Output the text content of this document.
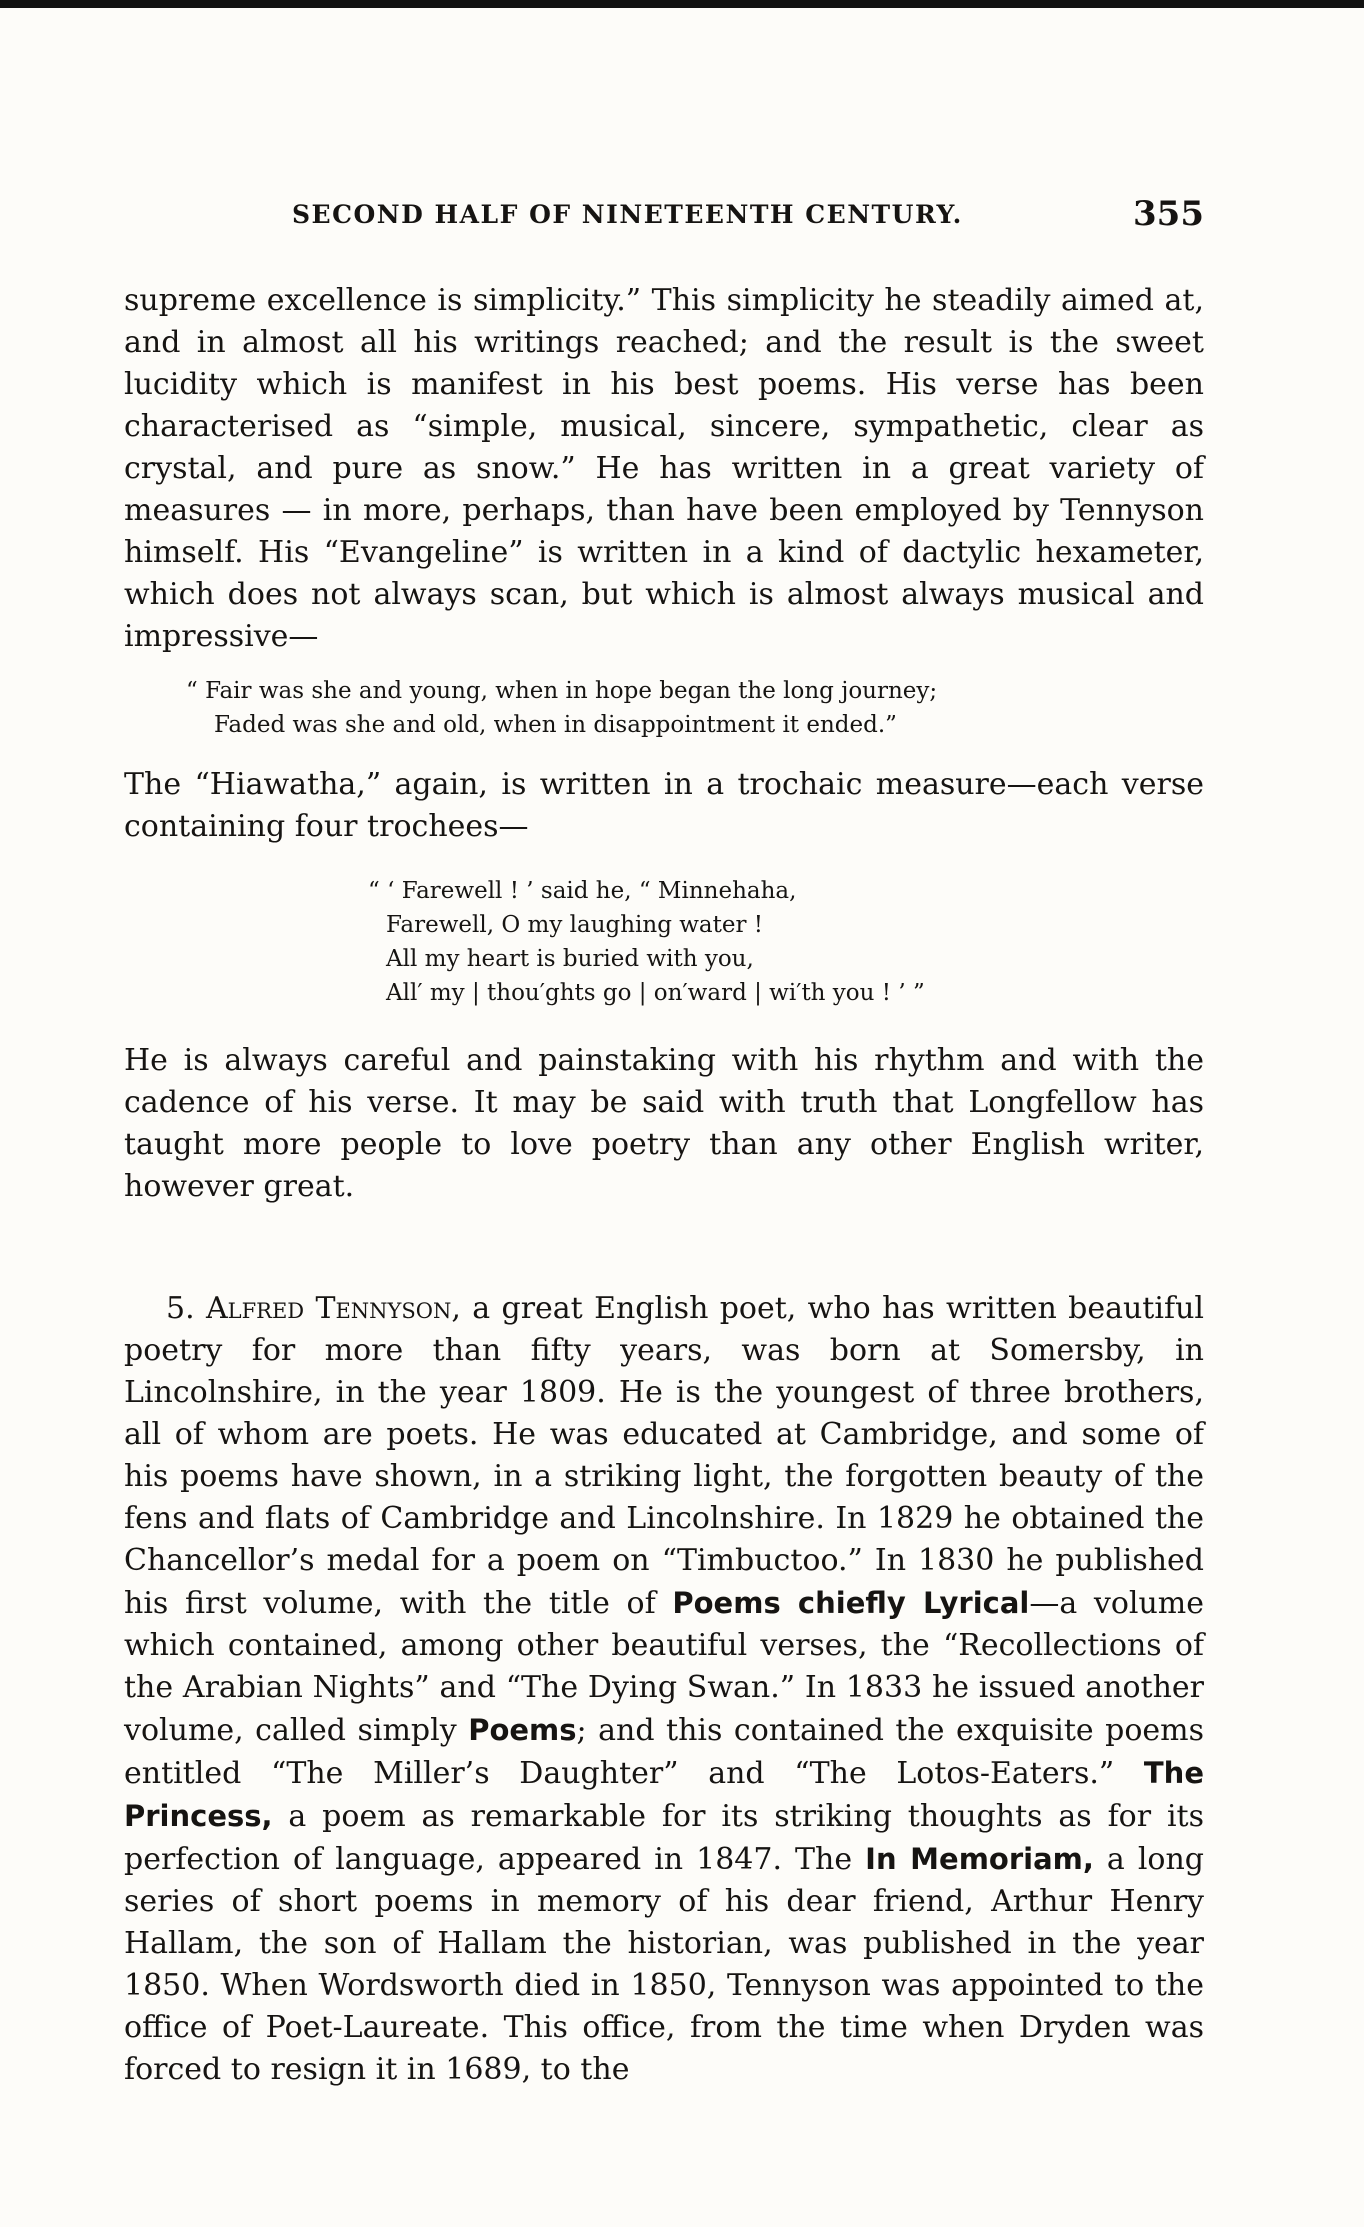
SECOND HALF OF NINETEENTH CENTURY.	355

supreme excellence is simplicity.” This simplicity he steadily aimed at, and in almost all his writings reached; and the result is the sweet lucidity which is manifest in his best poems. His verse has been characterised as “simple, musical, sincere, sympathetic, clear as crystal, and pure as snow.” He has written in a great variety of measures — in more, perhaps, than have been employed by Tennyson himself. His “Evangeline” is written in a kind of dactylic hexameter, which does not always scan, but which is almost always musical and impressive—

“ Fair was she and young, when in hope began the long journey;
Faded was she and old, when in disappointment it ended.”

The “Hiawatha,” again, is written in a trochaic measure—each verse containing four trochees—

“ ‘ Farewell ! ’ said he, “ Minnehaha,
Farewell, O my laughing water !
All my heart is buried with you,
All′ my | thou′ghts go | on′ward | wi′th you ! ’ ”

He is always careful and painstaking with his rhythm and with the cadence of his verse. It may be said with truth that Longfellow has taught more people to love poetry than any other English writer, however great.

5. Alfred Tennyson, a great English poet, who has written beautiful poetry for more than fifty years, was born at Somersby, in Lincolnshire, in the year 1809. He is the youngest of three brothers, all of whom are poets. He was educated at Cambridge, and some of his poems have shown, in a striking light, the forgotten beauty of the fens and flats of Cambridge and Lincolnshire. In 1829 he obtained the Chancellor’s medal for a poem on “Timbuctoo.” In 1830 he published his first volume, with the title of Poems chiefly Lyrical—a volume which contained, among other beautiful verses, the “Recollections of the Arabian Nights” and “The Dying Swan.” In 1833 he issued another volume, called simply Poems; and this contained the exquisite poems entitled “The Miller’s Daughter” and “The Lotos-Eaters.” The Princess, a poem as remarkable for its striking thoughts as for its perfection of language, appeared in 1847. The In Memoriam, a long series of short poems in memory of his dear friend, Arthur Henry Hallam, the son of Hallam the historian, was published in the year 1850. When Wordsworth died in 1850, Tennyson was appointed to the office of Poet-Laureate. This office, from the time when Dryden was forced to resign it in 1689, to the
